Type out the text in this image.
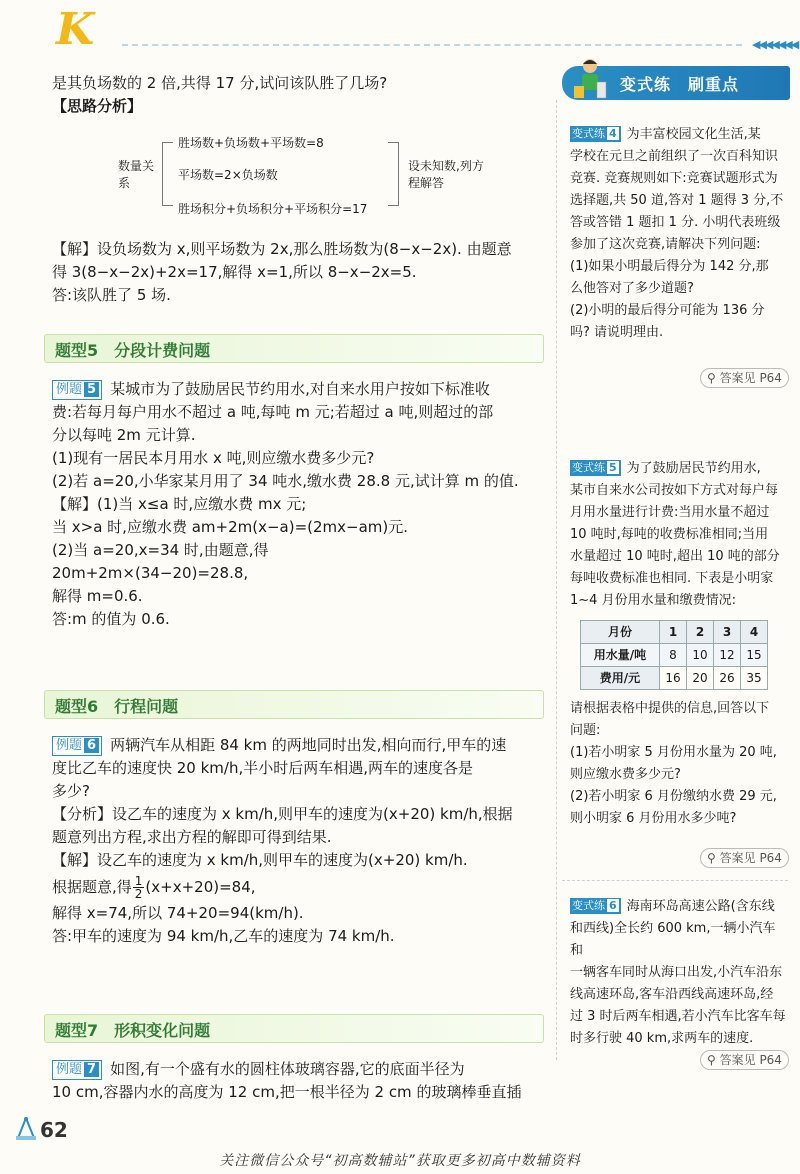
K	◀◀◀◀◀◀◀

是其负场数的 2 倍,共得 17 分,试问该队胜了几场?

【思路分析】

数量关系
胜场数+负场数+平场数=8
平场数=2×负场数
胜场积分+负场积分+平场积分=17
设未知数,列方程解答

【解】设负场数为 x,则平场数为 2x,那么胜场数为(8−x−2x). 由题意

得 3(8−x−2x)+2x=17,解得 x=1,所以 8−x−2x=5.

答:该队胜了 5 场.

题型5　分段计费问题

例题 5 某城市为了鼓励居民节约用水,对自来水用户按如下标准收

费:若每月每户用水不超过 a 吨,每吨 m 元;若超过 a 吨,则超过的部

分以每吨 2m 元计算.

(1)现有一居民本月用水 x 吨,则应缴水费多少元?

(2)若 a=20,小华家某月用了 34 吨水,缴水费 28.8 元,试计算 m 的值.

【解】(1)当 x≤a 时,应缴水费 mx 元;

当 x>a 时,应缴水费 am+2m(x−a)=(2mx−am)元.

(2)当 a=20,x=34 时,由题意,得

20m+2m×(34−20)=28.8,

解得 m=0.6.

答:m 的值为 0.6.

题型6　行程问题

例题 6 两辆汽车从相距 84 km 的两地同时出发,相向而行,甲车的速

度比乙车的速度快 20 km/h,半小时后两车相遇,两车的速度各是

多少?

【分析】设乙车的速度为 x km/h,则甲车的速度为(x+20) km/h,根据

题意列出方程,求出方程的解即可得到结果.

【解】设乙车的速度为 x km/h,则甲车的速度为(x+20) km/h.

根据题意,得 $\frac{1}{2} (x+x+20)=84$,

解得 x=74,所以 74+20=94(km/h).

答:甲车的速度为 94 km/h,乙车的速度为 74 km/h.

题型7　形积变化问题

例题 7 如图,有一个盛有水的圆柱体玻璃容器,它的底面半径为

10 cm,容器内水的高度为 12 cm,把一根半径为 2 cm 的玻璃棒垂直插

变式练　刷重点

变式练 4 为丰富校园文化生活,某

学校在元旦之前组织了一次百科知识

竞赛. 竞赛规则如下:竞赛试题形式为

选择题,共 50 道,答对 1 题得 3 分,不

答或答错 1 题扣 1 分. 小明代表班级

参加了这次竞赛,请解决下列问题:

(1)如果小明最后得分为 142 分,那

么他答对了多少道题?

(2)小明的最后得分可能为 136 分

吗? 请说明理由.

⚲ 答案见 P64

变式练 5 为了鼓励居民节约用水,

某市自来水公司按如下方式对每户每

月用水量进行计费:当用水量不超过

10 吨时,每吨的收费标准相同;当用

水量超过 10 吨时,超出 10 吨的部分

每吨收费标准也相同. 下表是小明家

1~4 月份用水量和缴费情况:

月份	1	2	3	4
用水量/吨	8	10	12	15
费用/元	16	20	26	35

请根据表格中提供的信息,回答以下

问题:

(1)若小明家 5 月份用水量为 20 吨,

则应缴水费多少元?

(2)若小明家 6 月份缴纳水费 29 元,

则小明家 6 月份用水多少吨?

⚲ 答案见 P64

变式练 6 海南环岛高速公路(含东线

和西线)全长约 600 km,一辆小汽车和

一辆客车同时从海口出发,小汽车沿东

线高速环岛,客车沿西线高速环岛,经

过 3 时后两车相遇,若小汽车比客车每

时多行驶 40 km,求两车的速度.

⚲ 答案见 P64
62
关注微信公众号“初高数辅站”获取更多初高中数辅资料
